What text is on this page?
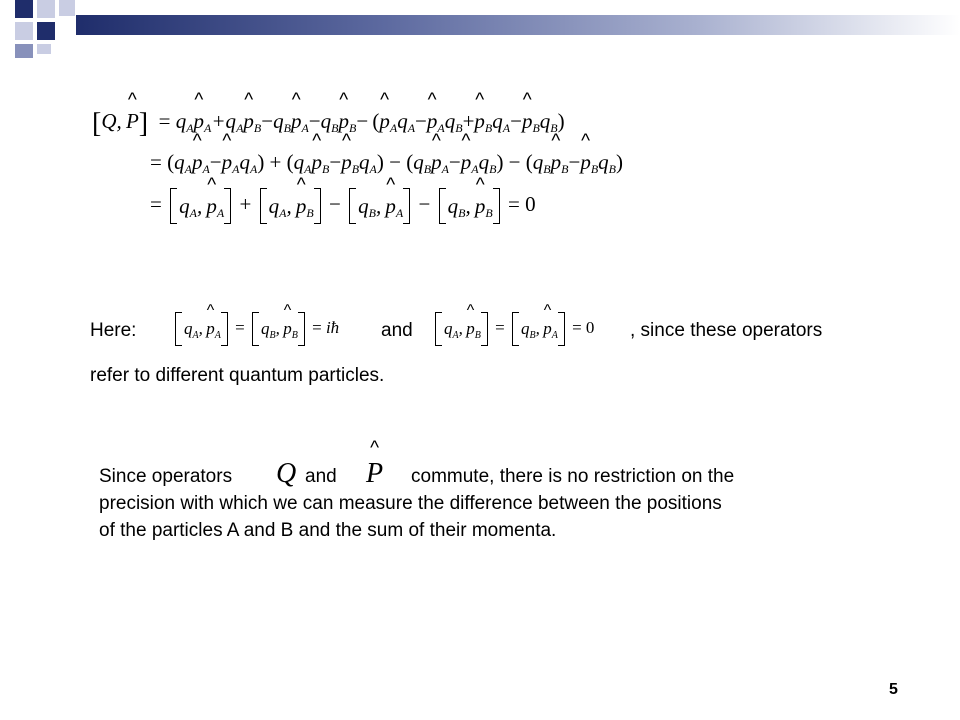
[Q, ^ $P] = q_A\^{}$ $p_A+q_A\^{}$ $p_B-q_B\^{}$ $p_A-q_B\^{}$ $p_B-$ (^ $p_Aq_A-\^{}$ $p_Aq_B+\^{}$ $p_Bq_A-\^{}$ $p_Bq_B$)
= ($q_A\^{}$ $p_A-\^{}$ $p_Aq_A$) + ($q_A\^{}$ $p_B-\^{}$ $p_Bq_A$) − ($q_B\^{}$ $p_A-\^{}$ $p_Aq_B$) − ($q_B\^{}$ $p_B-\^{}$ $p_Bq_B$)
= $q_A$, ^ $p_A + q_A$, ^ $p_B - q_B$, ^ $p_A - q_B$, ^ $p_B = 0$
Here:	$q_A$, ^ $p_A = q_B$, ^ $p_B$ = iħ and	$q_A$, ^ $p_B = q_B$, ^ $p_A = 0$ , since these operators
refer to different quantum particles.
Since operators Q and
^ P commute, there is no restriction on the
precision with which we can measure the difference between the positions
of the particles A and B and the sum of their momenta.
5
